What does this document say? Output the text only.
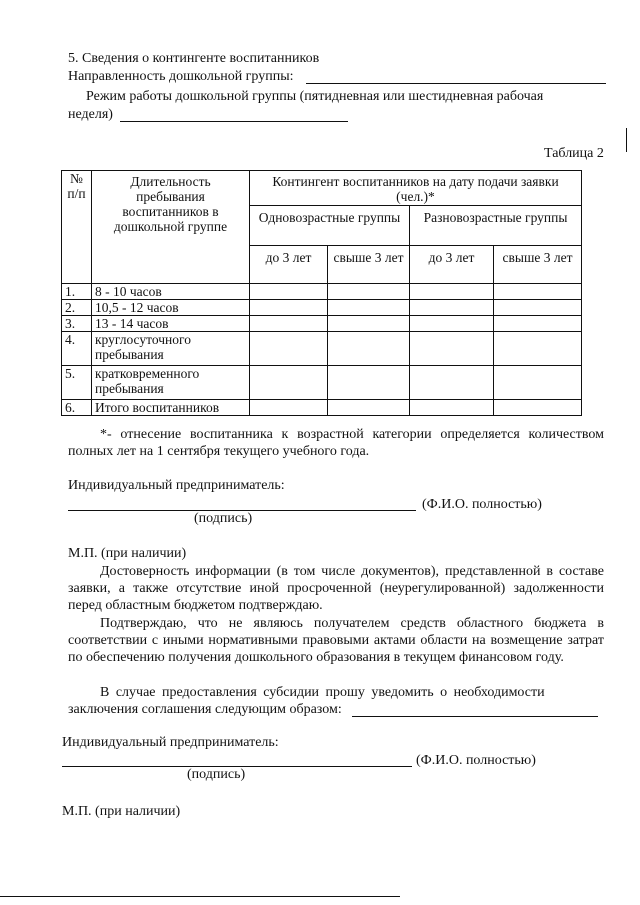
5. Сведения о контингенте воспитанников
Направленность дошкольной группы:
Режим работы дошкольной группы (пятидневная или шестидневная рабочая
неделя)
Таблица 2
№ п/п	Длительность пребывания воспитанников в дошкольной группе	Контингент воспитанников на дату подачи заявки (чел.)*			
		Одновозрастные группы		Разновозрастные группы	
		до 3 лет	свыше 3 лет	до 3 лет	свыше 3 лет
1.	8 - 10 часов				
2.	10,5 - 12 часов				
3.	13 - 14 часов				
4.	круглосуточного пребывания				
5.	кратковременного пребывания				
6.	Итого воспитанников				
*- отнесение воспитанника к возрастной категории определяется количеством полных лет на 1 сентября текущего учебного года.
Индивидуальный предприниматель:
(Ф.И.О. полностью)
(подпись)
М.П. (при наличии)
Достоверность информации (в том числе документов), представленной в составе заявки, а также отсутствие иной просроченной (неурегулированной) задолженности перед областным бюджетом подтверждаю.
Подтверждаю, что не являюсь получателем средств областного бюджета в соответствии с иными нормативными правовыми актами области на возмещение затрат по обеспечению получения дошкольного образования в текущем финансовом году.
В случае предоставления субсидии прошу уведомить о необходимости
заключения соглашения следующим образом:
Индивидуальный предприниматель:
(Ф.И.О. полностью)
(подпись)
М.П. (при наличии)
